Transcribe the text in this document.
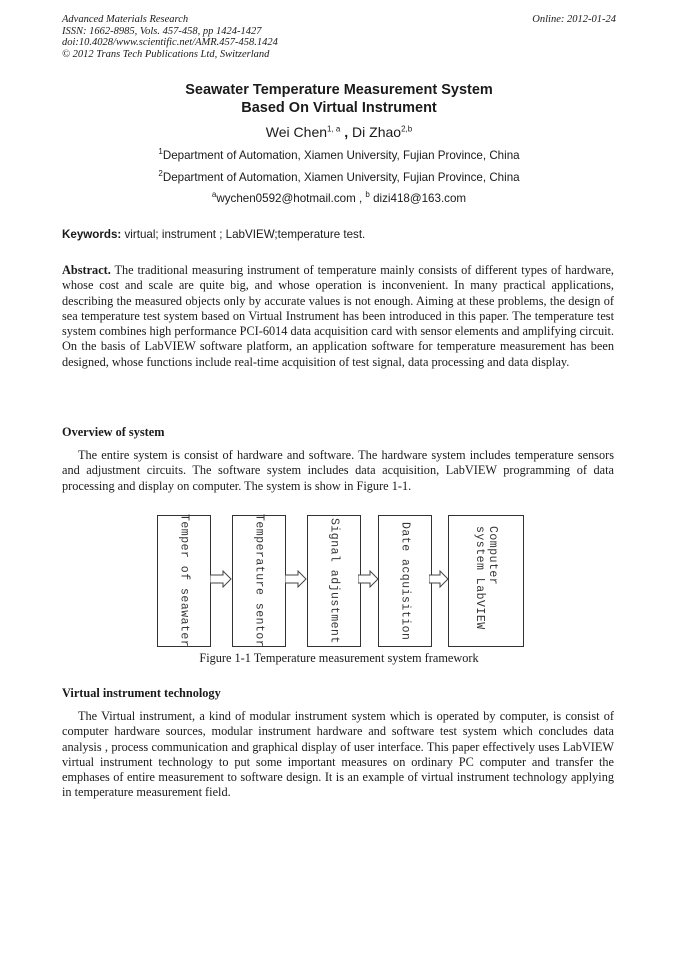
Advanced Materials Research
ISSN: 1662-8985, Vols. 457-458, pp 1424-1427
doi:10.4028/www.scientific.net/AMR.457-458.1424
© 2012 Trans Tech Publications Ltd, Switzerland
Online: 2012-01-24
Seawater Temperature Measurement System
Based On Virtual Instrument
Wei Chen$^{1, a}$ , Di Zhao$^{2,b}$
$^1$Department of Automation, Xiamen University, Fujian Province, China
$^2$Department of Automation, Xiamen University, Fujian Province, China
$^a$wychen0592@hotmail.com , $^b$ dizi418@163.com
Keywords: virtual; instrument ; LabVIEW;temperature test.
Abstract. The traditional measuring instrument of temperature mainly consists of different types of hardware, whose cost and scale are quite big, and whose operation is inconvenient. In many practical applications, describing the measured objects only by accurate values is not enough. Aiming at these problems, the design of sea temperature test system based on Virtual Instrument has been introduced in this paper. The temperature test system combines high performance PCI-6014 data acquisition card with sensor elements and amplifying circuit. On the basis of LabVIEW software platform, an application software for temperature measurement has been designed, whose functions include real-time acquisition of test signal, data processing and data display.
Overview of system
The entire system is consist of hardware and software. The hardware system includes temperature sensors and adjustment circuits. The software system includes data acquisition, LabVIEW programming of data processing and display on computer. The system is show in Figure 1-1.
Temper of seawater	Temperature sentor	Signal adjustment	Date acquisition	Computer system LabVIEW
Figure 1-1 Temperature measurement system framework
Virtual instrument technology
The Virtual instrument, a kind of modular instrument system which is operated by computer, is consist of computer hardware sources, modular instrument hardware and software test system which concludes data analysis , process communication and graphical display of user interface. This paper effectively uses LabVIEW virtual instrument technology to put some important measures on ordinary PC computer and transfer the emphases of entire measurement to software design. It is an example of virtual instrument technology applying in temperature measurement field.
